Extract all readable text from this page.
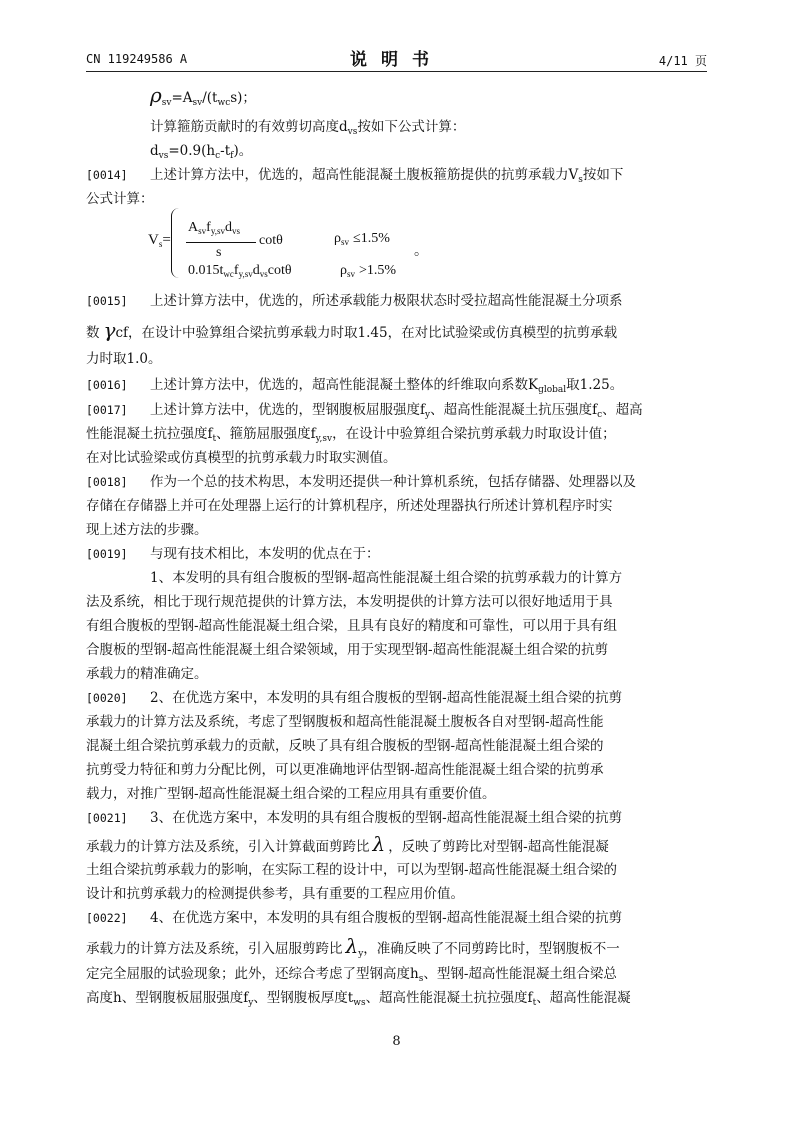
CN 119249586 A	说明书	4/11 页
$\rho_{sv}=A_{sv}/(t_{wc}s)$；
计算箍筋贡献时的有效剪切高度$d_{vs}$按如下公式计算：
$d_{vs}=0.9(h_c-t_f)$。
[0014] 上述计算方法中，优选的，超高性能混凝土腹板箍筋提供的抗剪承载力$V_s$按如下
公式计算：
$V_s=$
$A_{sv}f_{y,sv}d_{vs}$
s
cotθ	$\rho_{sv} \le 1.5\%$
。
$0.015t_{wc}f_{y,sv}d_{vs}\cot\theta$	$\rho_{sv} >1.5\%$
[0015] 上述计算方法中，优选的，所述承载能力极限状态时受拉超高性能混凝土分项系
数 γcf，在设计中验算组合梁抗剪承载力时取1.45，在对比试验梁或仿真模型的抗剪承载
力时取1.0。
[0016] 上述计算方法中，优选的，超高性能混凝土整体的纤维取向系数$K_{global}$取1.25。
[0017] 上述计算方法中，优选的，型钢腹板屈服强度$f_y$、超高性能混凝土抗压强度$f_c$、超高
性能混凝土抗拉强度$f_t$、箍筋屈服强度$f_{y,sv}$，在设计中验算组合梁抗剪承载力时取设计值；
在对比试验梁或仿真模型的抗剪承载力时取实测值。
[0018] 作为一个总的技术构思，本发明还提供一种计算机系统，包括存储器、处理器以及
存储在存储器上并可在处理器上运行的计算机程序，所述处理器执行所述计算机程序时实
现上述方法的步骤。
[0019] 与现有技术相比，本发明的优点在于：
1、本发明的具有组合腹板的型钢-超高性能混凝土组合梁的抗剪承载力的计算方
法及系统，相比于现行规范提供的计算方法，本发明提供的计算方法可以很好地适用于具
有组合腹板的型钢-超高性能混凝土组合梁，且具有良好的精度和可靠性，可以用于具有组
合腹板的型钢-超高性能混凝土组合梁领域，用于实现型钢-超高性能混凝土组合梁的抗剪
承载力的精准确定。
[0020] 2、在优选方案中，本发明的具有组合腹板的型钢-超高性能混凝土组合梁的抗剪
承载力的计算方法及系统，考虑了型钢腹板和超高性能混凝土腹板各自对型钢-超高性能
混凝土组合梁抗剪承载力的贡献，反映了具有组合腹板的型钢-超高性能混凝土组合梁的
抗剪受力特征和剪力分配比例，可以更准确地评估型钢-超高性能混凝土组合梁的抗剪承
载力，对推广型钢-超高性能混凝土组合梁的工程应用具有重要价值。
[0021] 3、在优选方案中，本发明的具有组合腹板的型钢-超高性能混凝土组合梁的抗剪
承载力的计算方法及系统，引入计算截面剪跨比 λ ，反映了剪跨比对型钢-超高性能混凝
土组合梁抗剪承载力的影响，在实际工程的设计中，可以为型钢-超高性能混凝土组合梁的
设计和抗剪承载力的检测提供参考，具有重要的工程应用价值。
[0022] 4、在优选方案中，本发明的具有组合腹板的型钢-超高性能混凝土组合梁的抗剪
承载力的计算方法及系统，引入屈服剪跨比 $\lambda_y$，准确反映了不同剪跨比时，型钢腹板不一
定完全屈服的试验现象；此外，还综合考虑了型钢高度$h_s$、型钢-超高性能混凝土组合梁总
高度h、型钢腹板屈服强度$f_y$、型钢腹板厚度$t_{ws}$、超高性能混凝土抗拉强度$f_t$、超高性能混凝
8
